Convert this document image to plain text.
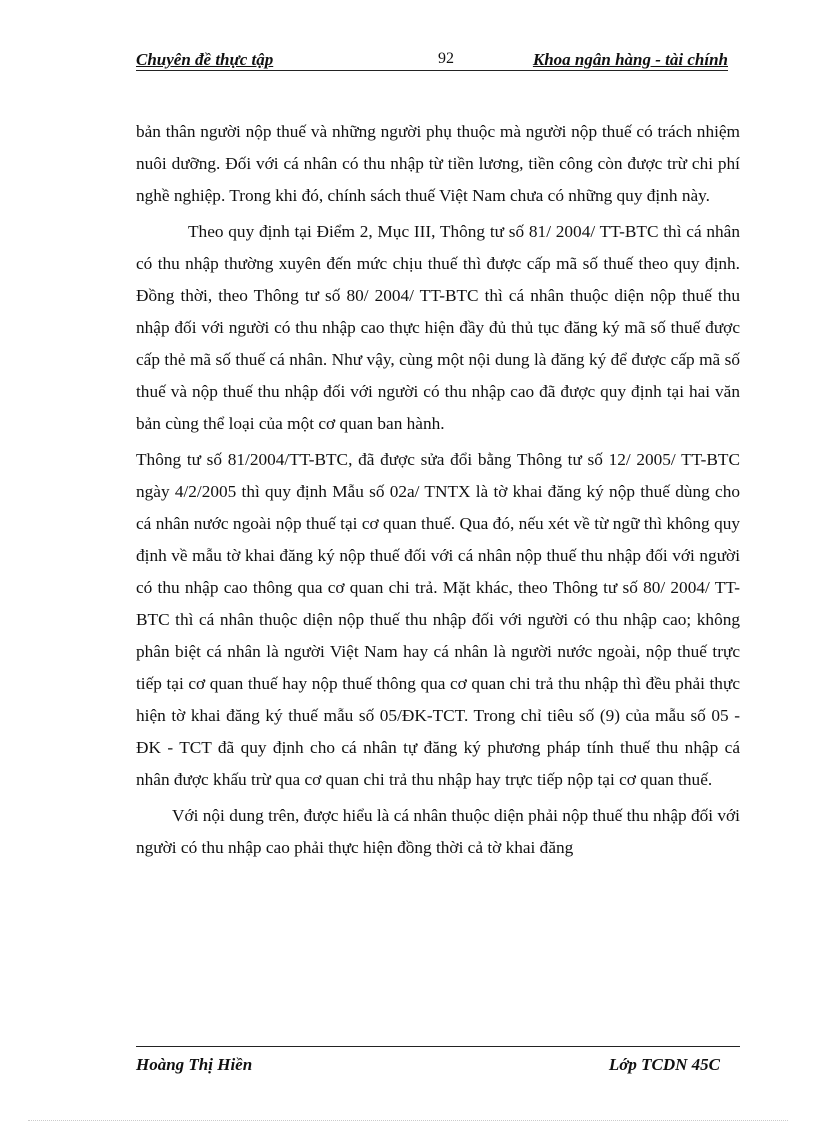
Chuyên đề thực tập	92	Khoa ngân hàng - tài chính

bản thân người nộp thuế và những người phụ thuộc mà người nộp thuế có trách nhiệm nuôi dưỡng. Đối với cá nhân có thu nhập từ tiền lương, tiền công còn được trừ chi phí nghề nghiệp. Trong khi đó, chính sách thuế Việt Nam chưa có những quy định này.

Theo quy định tại Điểm 2, Mục III, Thông tư số 81/ 2004/ TT-BTC thì cá nhân có thu nhập thường xuyên đến mức chịu thuế thì được cấp mã số thuế theo quy định. Đồng thời, theo Thông tư số 80/ 2004/ TT-BTC thì cá nhân thuộc diện nộp thuế thu nhập đối với người có thu nhập cao thực hiện đầy đủ thủ tục đăng ký mã số thuế được cấp thẻ mã số thuế cá nhân. Như vậy, cùng một nội dung là đăng ký để được cấp mã số thuế và nộp thuế thu nhập đối với người có thu nhập cao đã được quy định tại hai văn bản cùng thể loại của một cơ quan ban hành.

Thông tư số 81/2004/TT-BTC, đã được sửa đổi bằng Thông tư số 12/ 2005/ TT-BTC ngày 4/2/2005 thì quy định Mẫu số 02a/ TNTX là tờ khai đăng ký nộp thuế dùng cho cá nhân nước ngoài nộp thuế tại cơ quan thuế. Qua đó, nếu xét về từ ngữ thì không quy định về mẫu tờ khai đăng ký nộp thuế đối với cá nhân nộp thuế thu nhập đối với người có thu nhập cao thông qua cơ quan chi trả. Mặt khác, theo Thông tư số 80/ 2004/ TT-BTC thì cá nhân thuộc diện nộp thuế thu nhập đối với người có thu nhập cao; không phân biệt cá nhân là người Việt Nam hay cá nhân là người nước ngoài, nộp thuế trực tiếp tại cơ quan thuế hay nộp thuế thông qua cơ quan chi trả thu nhập thì đều phải thực hiện tờ khai đăng ký thuế mẫu số 05/ĐK-TCT. Trong chỉ tiêu số (9) của mẫu số 05 - ĐK - TCT đã quy định cho cá nhân tự đăng ký phương pháp tính thuế thu nhập cá nhân được khấu trừ qua cơ quan chi trả thu nhập hay trực tiếp nộp tại cơ quan thuế.

Với nội dung trên, được hiểu là cá nhân thuộc diện phải nộp thuế thu nhập đối với người có thu nhập cao phải thực hiện đồng thời cả tờ khai đăng

Hoàng Thị Hiền	Lớp TCDN 45C
